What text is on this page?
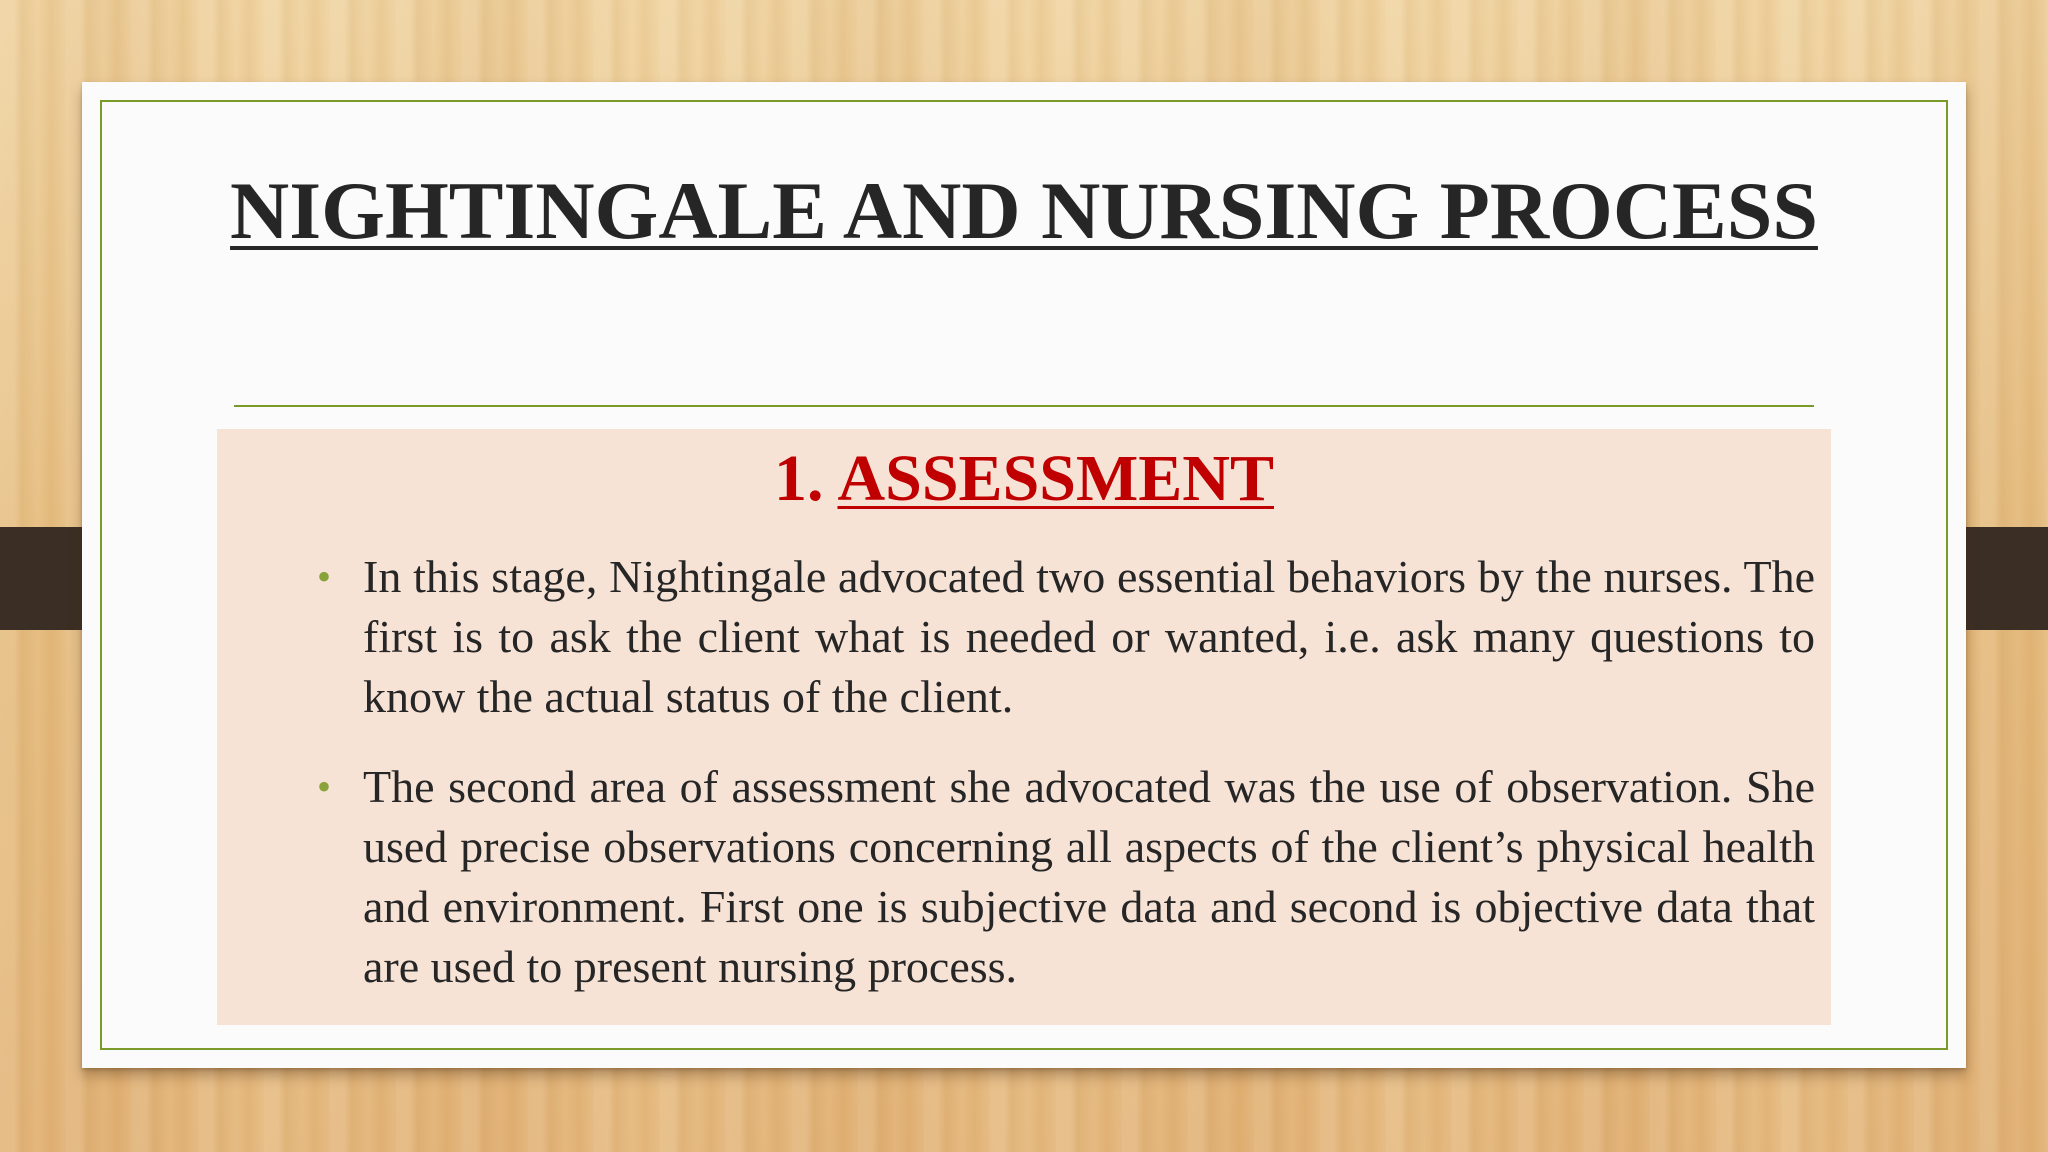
NIGHTINGALE AND NURSING PROCESS
1. ASSESSMENT
• In this stage, Nightingale advocated two essential behaviors by the nurses. The first is to ask the client what is needed or wanted, i.e. ask many questions to know the actual status of the client.
• The second area of assessment she advocated was the use of observation. She used precise observations concerning all aspects of the client’s physical health and environment. First one is subjective data and second is objective data that are used to present nursing process.
